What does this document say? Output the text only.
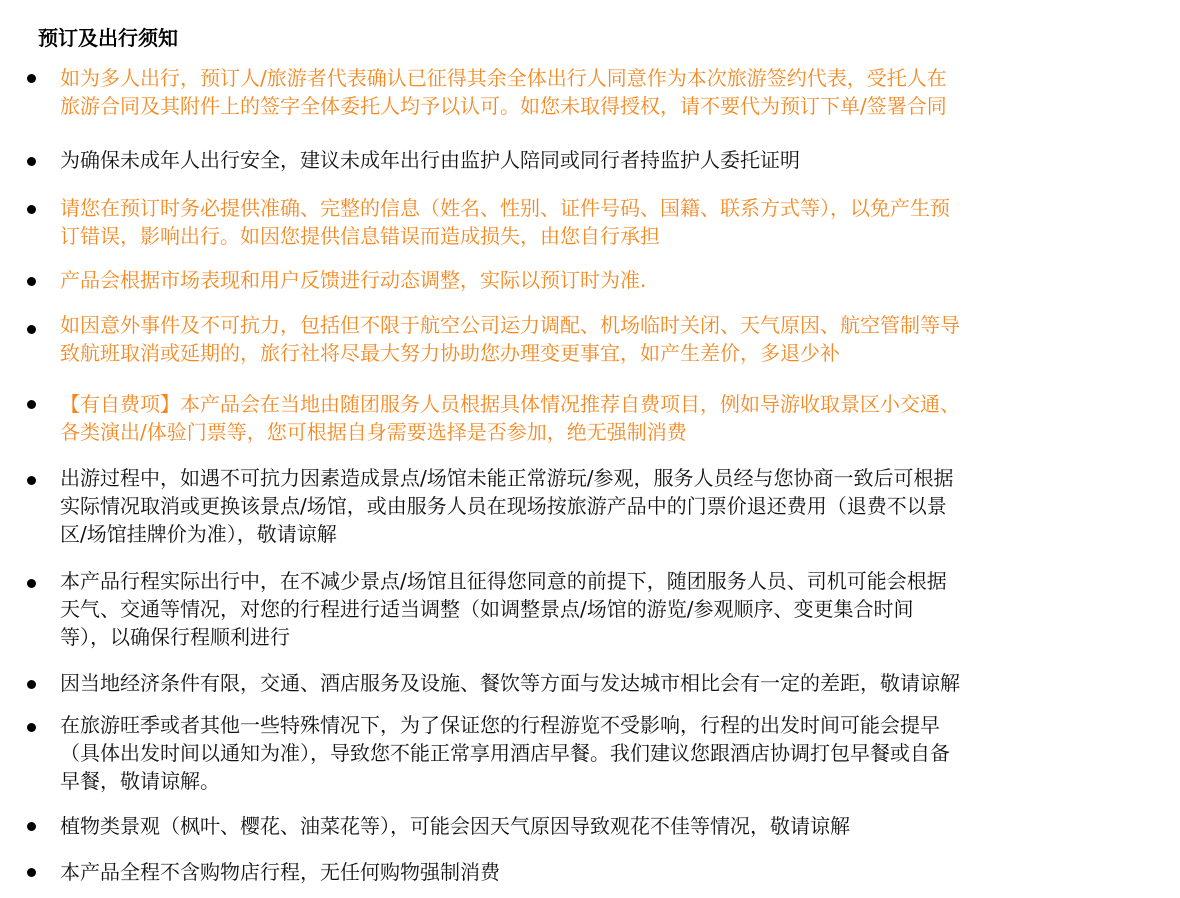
预订及出行须知
如为多人出行，预订人/旅游者代表确认已征得其余全体出行人同意作为本次旅游签约代表，受托人在
旅游合同及其附件上的签字全体委托人均予以认可。如您未取得授权，请不要代为预订下单/签署合同
为确保未成年人出行安全，建议未成年出行由监护人陪同或同行者持监护人委托证明
请您在预订时务必提供准确、完整的信息（姓名、性别、证件号码、国籍、联系方式等），以免产生预
订错误，影响出行。如因您提供信息错误而造成损失，由您自行承担
产品会根据市场表现和用户反馈进行动态调整，实际以预订时为准.
如因意外事件及不可抗力，包括但不限于航空公司运力调配、机场临时关闭、天气原因、航空管制等导
致航班取消或延期的，旅行社将尽最大努力协助您办理变更事宜，如产生差价，多退少补
【有自费项】本产品会在当地由随团服务人员根据具体情况推荐自费项目，例如导游收取景区小交通、
各类演出/体验门票等，您可根据自身需要选择是否参加，绝无强制消费
出游过程中，如遇不可抗力因素造成景点/场馆未能正常游玩/参观，服务人员经与您协商一致后可根据
实际情况取消或更换该景点/场馆，或由服务人员在现场按旅游产品中的门票价退还费用（退费不以景
区/场馆挂牌价为准），敬请谅解
本产品行程实际出行中，在不减少景点/场馆且征得您同意的前提下，随团服务人员、司机可能会根据
天气、交通等情况，对您的行程进行适当调整（如调整景点/场馆的游览/参观顺序、变更集合时间
等），以确保行程顺利进行
因当地经济条件有限，交通、酒店服务及设施、餐饮等方面与发达城市相比会有一定的差距，敬请谅解
在旅游旺季或者其他一些特殊情况下，为了保证您的行程游览不受影响，行程的出发时间可能会提早
（具体出发时间以通知为准），导致您不能正常享用酒店早餐。我们建议您跟酒店协调打包早餐或自备
早餐，敬请谅解。
植物类景观（枫叶、樱花、油菜花等），可能会因天气原因导致观花不佳等情况，敬请谅解
本产品全程不含购物店行程，无任何购物强制消费
